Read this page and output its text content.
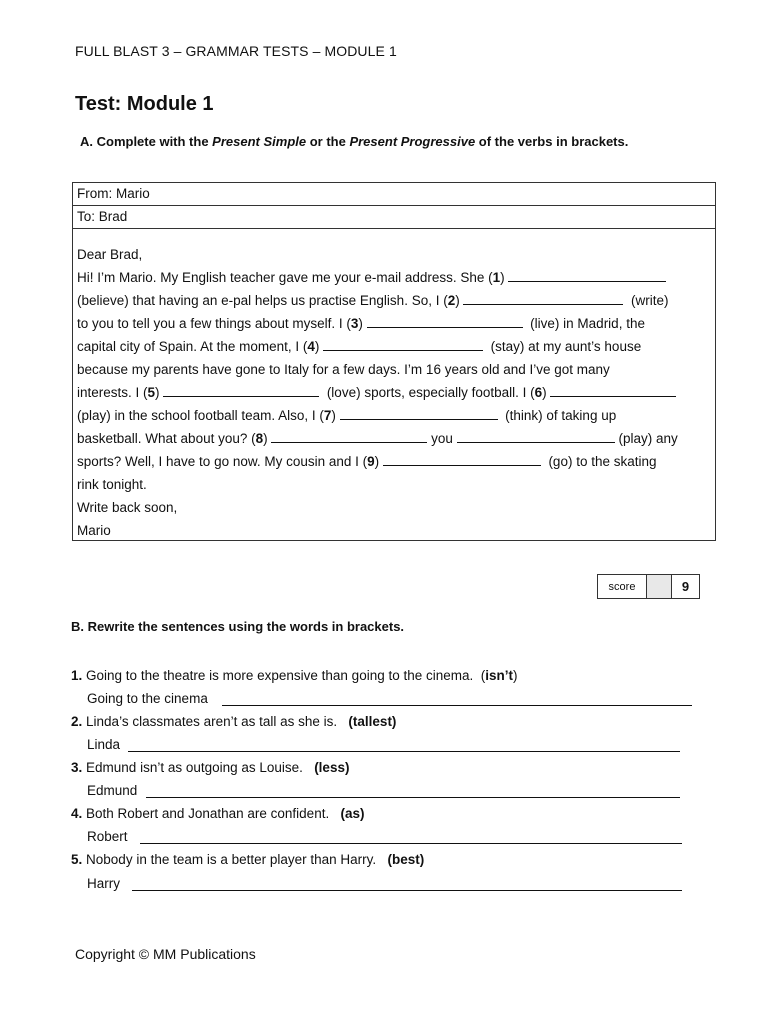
FULL BLAST 3 – GRAMMAR TESTS – MODULE 1
Test: Module 1
A. Complete with the Present Simple or the Present Progressive of the verbs in brackets.
From: Mario
To: Brad
Dear Brad,
Hi! I’m Mario. My English teacher gave me your e-mail address. She (1)
(believe) that having an e-pal helps us practise English. So, I (2)	(write)
to you to tell you a few things about myself. I (3)	(live) in Madrid, the
capital city of Spain. At the moment, I (4)	(stay) at my aunt’s house
because my parents have gone to Italy for a few days. I’m 16 years old and I’ve got many
interests. I (5)	(love) sports, especially football. I (6)
(play) in the school football team. Also, I (7)	(think) of taking up
basketball. What about you? (8)	you	(play) any
sports? Well, I have to go now. My cousin and I (9)	(go) to the skating
rink tonight.
Write back soon,
Mario
score	9
B. Rewrite the sentences using the words in brackets.
1. Going to the theatre is more expensive than going to the cinema.  (isn’t)
Going to the cinema
2. Linda’s classmates aren’t as tall as she is. (tallest)
Linda
3. Edmund isn’t as outgoing as Louise. (less)
Edmund
4. Both Robert and Jonathan are confident. (as)
Robert
5. Nobody in the team is a better player than Harry. (best)
Harry
Copyright © MM Publications
